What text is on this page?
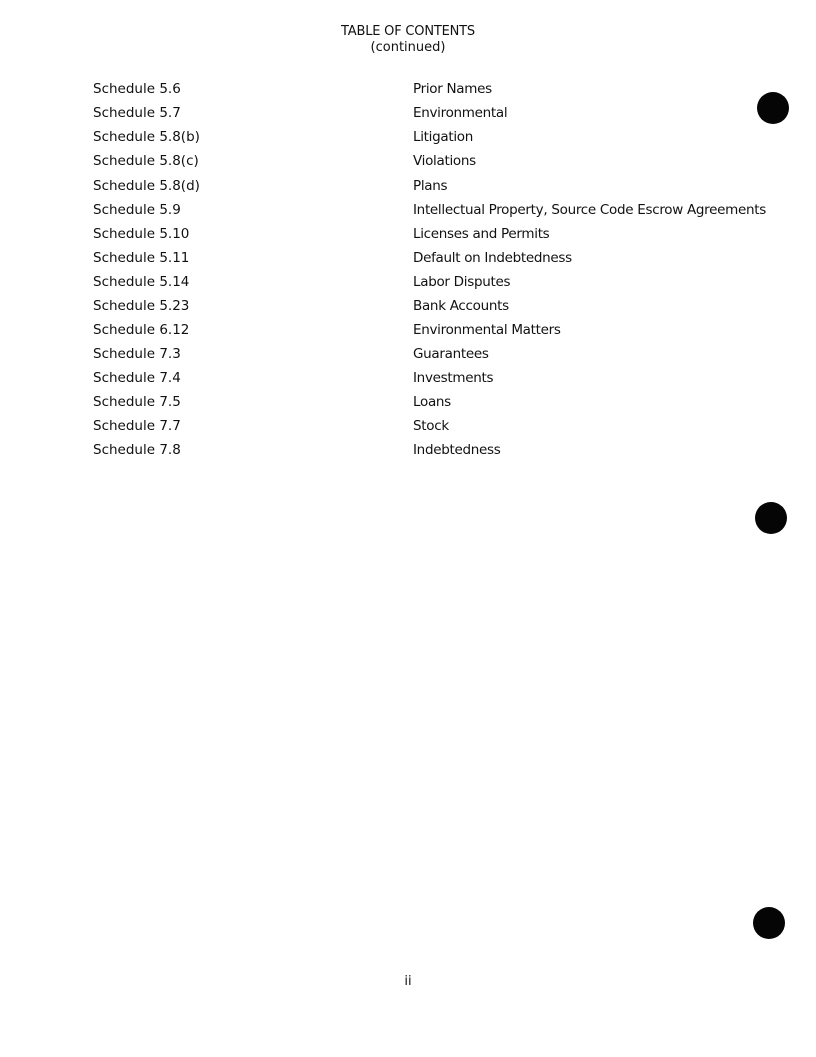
TABLE OF CONTENTS
(continued)
Schedule 5.6	Prior Names
Schedule 5.7	Environmental
Schedule 5.8(b)	Litigation
Schedule 5.8(c)	Violations
Schedule 5.8(d)	Plans
Schedule 5.9	Intellectual Property, Source Code Escrow Agreements
Schedule 5.10	Licenses and Permits
Schedule 5.11	Default on Indebtedness
Schedule 5.14	Labor Disputes
Schedule 5.23	Bank Accounts
Schedule 6.12	Environmental Matters
Schedule 7.3	Guarantees
Schedule 7.4	Investments
Schedule 7.5	Loans
Schedule 7.7	Stock
Schedule 7.8	Indebtedness
ii
